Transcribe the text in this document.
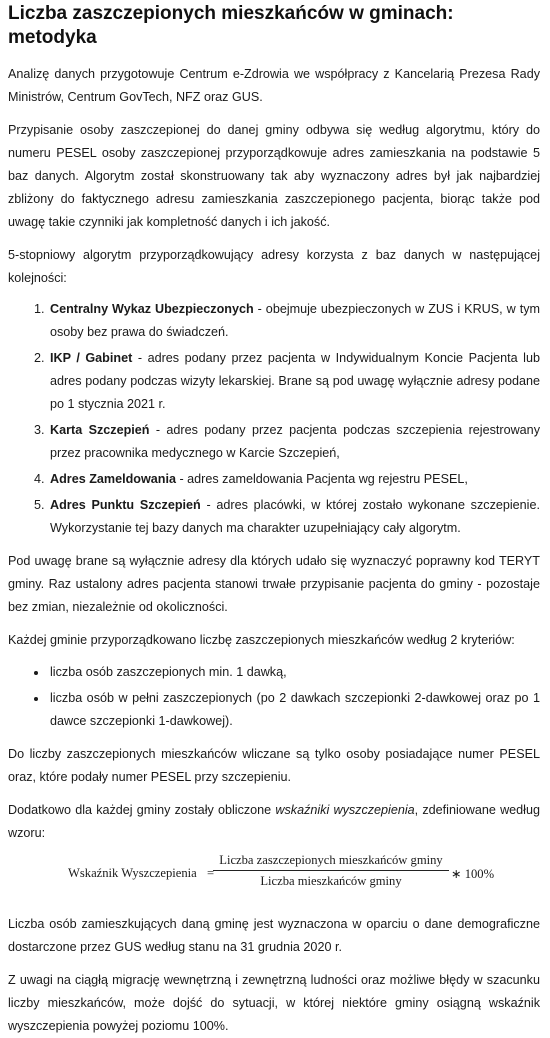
Liczba zaszczepionych mieszkańców w gminach: metodyka

Analizę danych przygotowuje Centrum e-Zdrowia we współpracy z Kancelarią Prezesa Rady Ministrów, Centrum GovTech, NFZ oraz GUS.

Przypisanie osoby zaszczepionej do danej gminy odbywa się według algorytmu, który do numeru PESEL osoby zaszczepionej przyporządkowuje adres zamieszkania na podstawie 5 baz danych. Algorytm został skonstruowany tak aby wyznaczony adres był jak najbardziej zbliżony do faktycznego adresu zamieszkania zaszczepionego pacjenta, biorąc także pod uwagę takie czynniki jak kompletność danych i ich jakość.

5-stopniowy algorytm przyporządkowujący adresy korzysta z baz danych w następującej kolejności:

1. Centralny Wykaz Ubezpieczonych - obejmuje ubezpieczonych w ZUS i KRUS, w tym osoby bez prawa do świadczeń.
2. IKP / Gabinet - adres podany przez pacjenta w Indywidualnym Koncie Pacjenta lub adres podany podczas wizyty lekarskiej. Brane są pod uwagę wyłącznie adresy podane po 1 stycznia 2021 r.
3. Karta Szczepień - adres podany przez pacjenta podczas szczepienia rejestrowany przez pracownika medycznego w Karcie Szczepień,
4. Adres Zameldowania - adres zameldowania Pacjenta wg rejestru PESEL,
5. Adres Punktu Szczepień - adres placówki, w której zostało wykonane szczepienie. Wykorzystanie tej bazy danych ma charakter uzupełniający cały algorytm.

Pod uwagę brane są wyłącznie adresy dla których udało się wyznaczyć poprawny kod TERYT gminy. Raz ustalony adres pacjenta stanowi trwałe przypisanie pacjenta do gminy - pozostaje bez zmian, niezależnie od okoliczności.

Każdej gminie przyporządkowano liczbę zaszczepionych mieszkańców według 2 kryteriów:

• liczba osób zaszczepionych min. 1 dawką,
• liczba osób w pełni zaszczepionych (po 2 dawkach szczepionki 2-dawkowej oraz po 1 dawce szczepionki 1-dawkowej).

Do liczby zaszczepionych mieszkańców wliczane są tylko osoby posiadające numer PESEL oraz, które podały numer PESEL przy szczepieniu.

Dodatkowo dla każdej gminy zostały obliczone wskaźniki wyszczepienia, zdefiniowane według wzoru:

Wskaźnik Wyszczepienia =
Liczba zaszczepionych mieszkańców gminy
Liczba mieszkańców gminy	∗ 100%

Liczba osób zamieszkujących daną gminę jest wyznaczona w oparciu o dane demograficzne dostarczone przez GUS według stanu na 31 grudnia 2020 r.

Z uwagi na ciągłą migrację wewnętrzną i zewnętrzną ludności oraz możliwe błędy w szacunku liczby mieszkańców, może dojść do sytuacji, w której niektóre gminy osiągną wskaźnik wyszczepienia powyżej poziomu 100%.
